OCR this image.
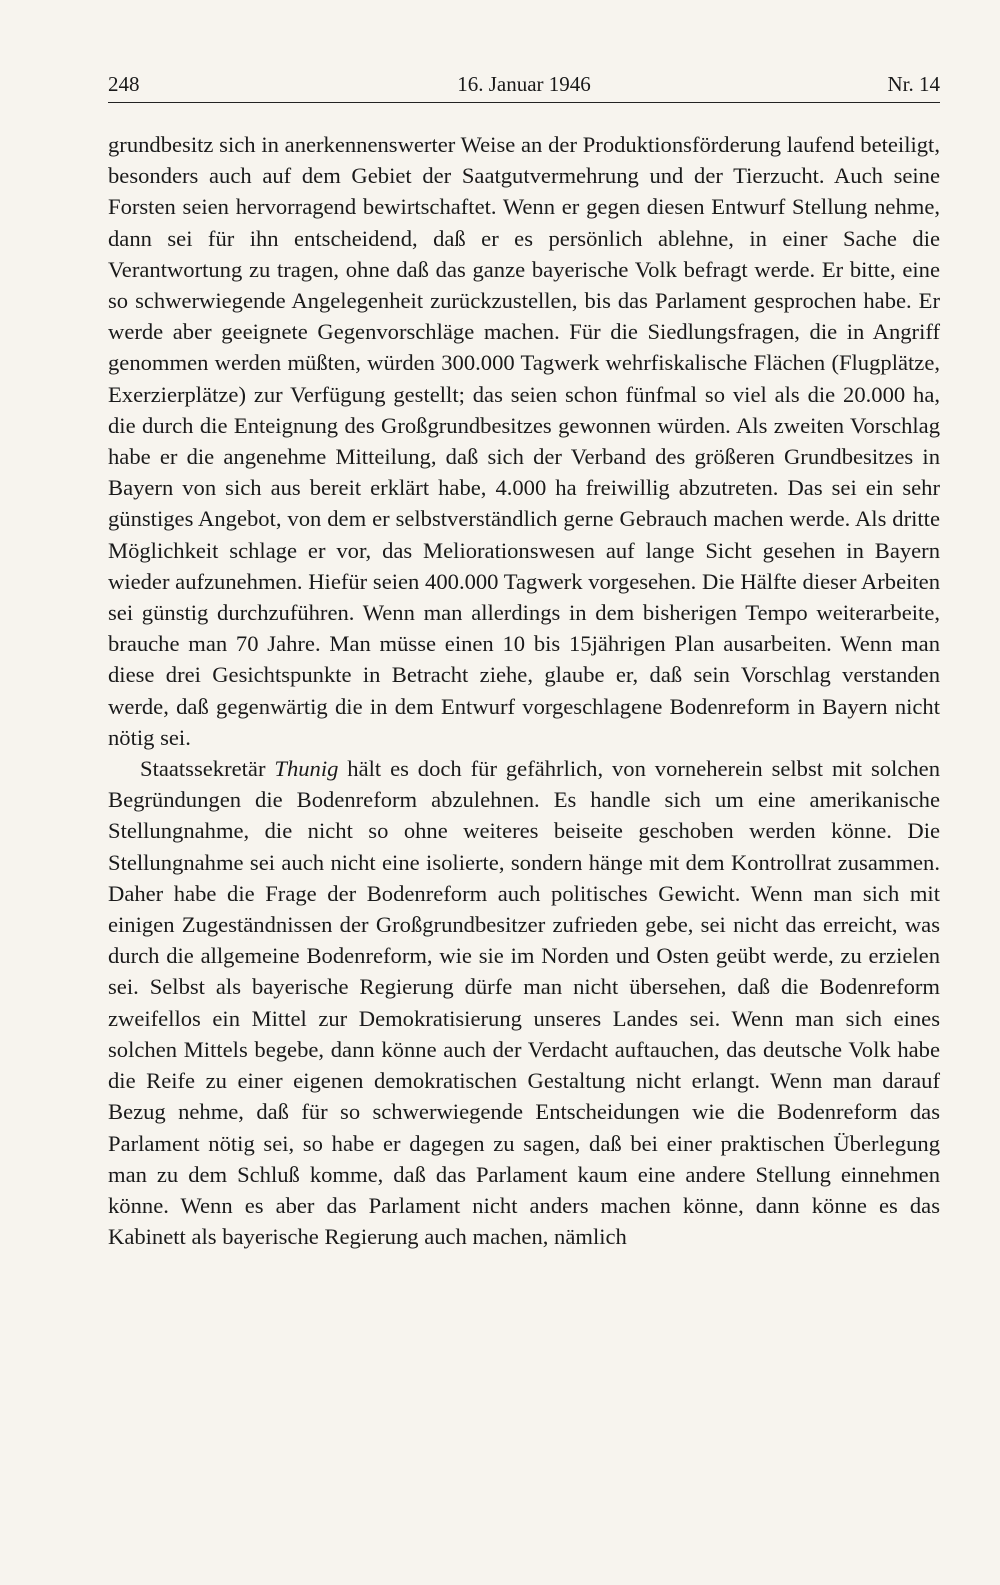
248	16. Januar 1946	Nr. 14

grundbesitz sich in anerkennenswerter Weise an der Produktionsförderung laufend beteiligt, besonders auch auf dem Gebiet der Saatgutvermehrung und der Tierzucht. Auch seine Forsten seien hervorragend bewirtschaftet. Wenn er gegen diesen Entwurf Stellung nehme, dann sei für ihn entscheidend, daß er es persönlich ablehne, in einer Sache die Verantwortung zu tragen, ohne daß das ganze bayerische Volk befragt werde. Er bitte, eine so schwerwiegende Angelegenheit zurückzustellen, bis das Parlament gesprochen habe. Er werde aber geeignete Gegenvorschläge machen. Für die Siedlungsfragen, die in Angriff genommen werden müßten, würden 300.000 Tagwerk wehrfiskalische Flächen (Flugplätze, Exerzierplätze) zur Verfügung gestellt; das seien schon fünfmal so viel als die 20.000 ha, die durch die Enteignung des Großgrundbesitzes gewonnen würden. Als zweiten Vorschlag habe er die angenehme Mitteilung, daß sich der Verband des größeren Grundbesitzes in Bayern von sich aus bereit erklärt habe, 4.000 ha freiwillig abzutreten. Das sei ein sehr günstiges Angebot, von dem er selbstverständlich gerne Gebrauch machen werde. Als dritte Möglichkeit schlage er vor, das Meliorationswesen auf lange Sicht gesehen in Bayern wieder aufzunehmen. Hiefür seien 400.000 Tagwerk vorgesehen. Die Hälfte dieser Arbeiten sei günstig durchzuführen. Wenn man allerdings in dem bisherigen Tempo weiterarbeite, brauche man 70 Jahre. Man müsse einen 10 bis 15jährigen Plan ausarbeiten. Wenn man diese drei Gesichtspunkte in Betracht ziehe, glaube er, daß sein Vorschlag verstanden werde, daß gegenwärtig die in dem Entwurf vorgeschlagene Bodenreform in Bayern nicht nötig sei.

Staatssekretär Thunig hält es doch für gefährlich, von vorneherein selbst mit solchen Begründungen die Bodenreform abzulehnen. Es handle sich um eine amerikanische Stellungnahme, die nicht so ohne weiteres beiseite geschoben werden könne. Die Stellungnahme sei auch nicht eine isolierte, sondern hänge mit dem Kontrollrat zusammen. Daher habe die Frage der Bodenreform auch politisches Gewicht. Wenn man sich mit einigen Zugeständnissen der Großgrundbesitzer zufrieden gebe, sei nicht das erreicht, was durch die allgemeine Bodenreform, wie sie im Norden und Osten geübt werde, zu erzielen sei. Selbst als bayerische Regierung dürfe man nicht übersehen, daß die Bodenreform zweifellos ein Mittel zur Demokratisierung unseres Landes sei. Wenn man sich eines solchen Mittels begebe, dann könne auch der Verdacht auftauchen, das deutsche Volk habe die Reife zu einer eigenen demokratischen Gestaltung nicht erlangt. Wenn man darauf Bezug nehme, daß für so schwerwiegende Entscheidungen wie die Bodenreform das Parlament nötig sei, so habe er dagegen zu sagen, daß bei einer praktischen Überlegung man zu dem Schluß komme, daß das Parlament kaum eine andere Stellung einnehmen könne. Wenn es aber das Parlament nicht anders machen könne, dann könne es das Kabinett als bayerische Regierung auch machen, nämlich
